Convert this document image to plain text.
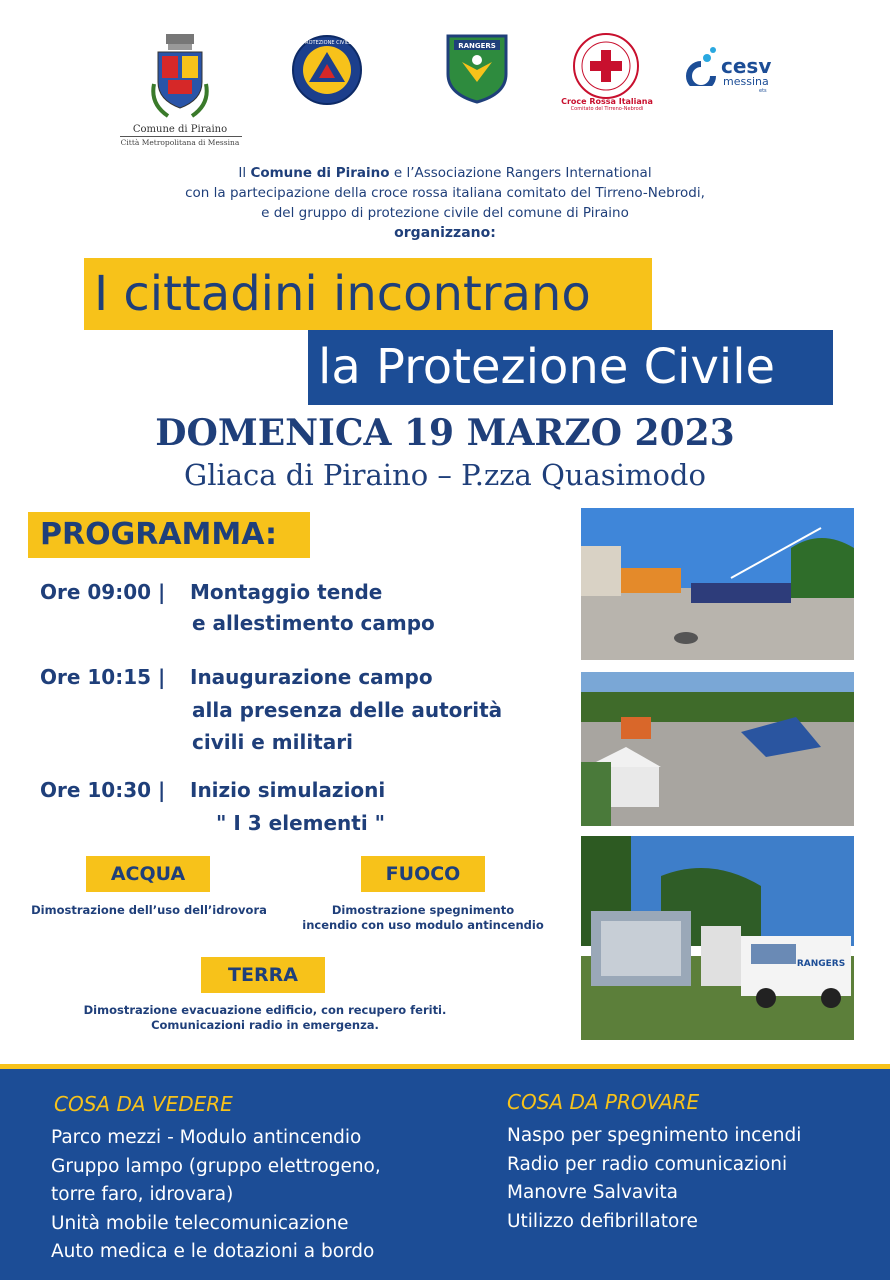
Comune di Piraino
Città Metropolitana di Messina
PROTEZIONE CIVILE	RANGERS
Croce Rossa Italiana
Comitato del Tirreno-Nebrodi
cesv
messina
ets
Il Comune di Piraino e l’Associazione Rangers International
con la partecipazione della croce rossa italiana comitato del Tirreno-Nebrodi,
e del gruppo di protezione civile del comune di Piraino
organizzano:
I cittadini incontrano
la Protezione Civile
DOMENICA 19 MARZO 2023
Gliaca di Piraino – P.zza Quasimodo
PROGRAMMA:
Ore 09:00 | Montaggio tende
e allestimento campo
Ore 10:15 | Inaugurazione campo
alla presenza delle autorità
civili e militari
Ore 10:30 | Inizio simulazioni
" I 3 elementi "
ACQUA
Dimostrazione dell’uso dell’idrovora
FUOCO
Dimostrazione spegnimento
incendio con uso modulo antincendio
TERRA
Dimostrazione evacuazione edificio, con recupero feriti.
Comunicazioni radio in emergenza.
RANGERS
COSA DA VEDERE
Parco mezzi - Modulo antincendio
Gruppo lampo (gruppo elettrogeno,
torre faro, idrovara)
Unità mobile telecomunicazione
Auto medica e le dotazioni a bordo
COSA DA PROVARE
Naspo per spegnimento incendi
Radio per radio comunicazioni
Manovre Salvavita
Utilizzo defibrillatore
